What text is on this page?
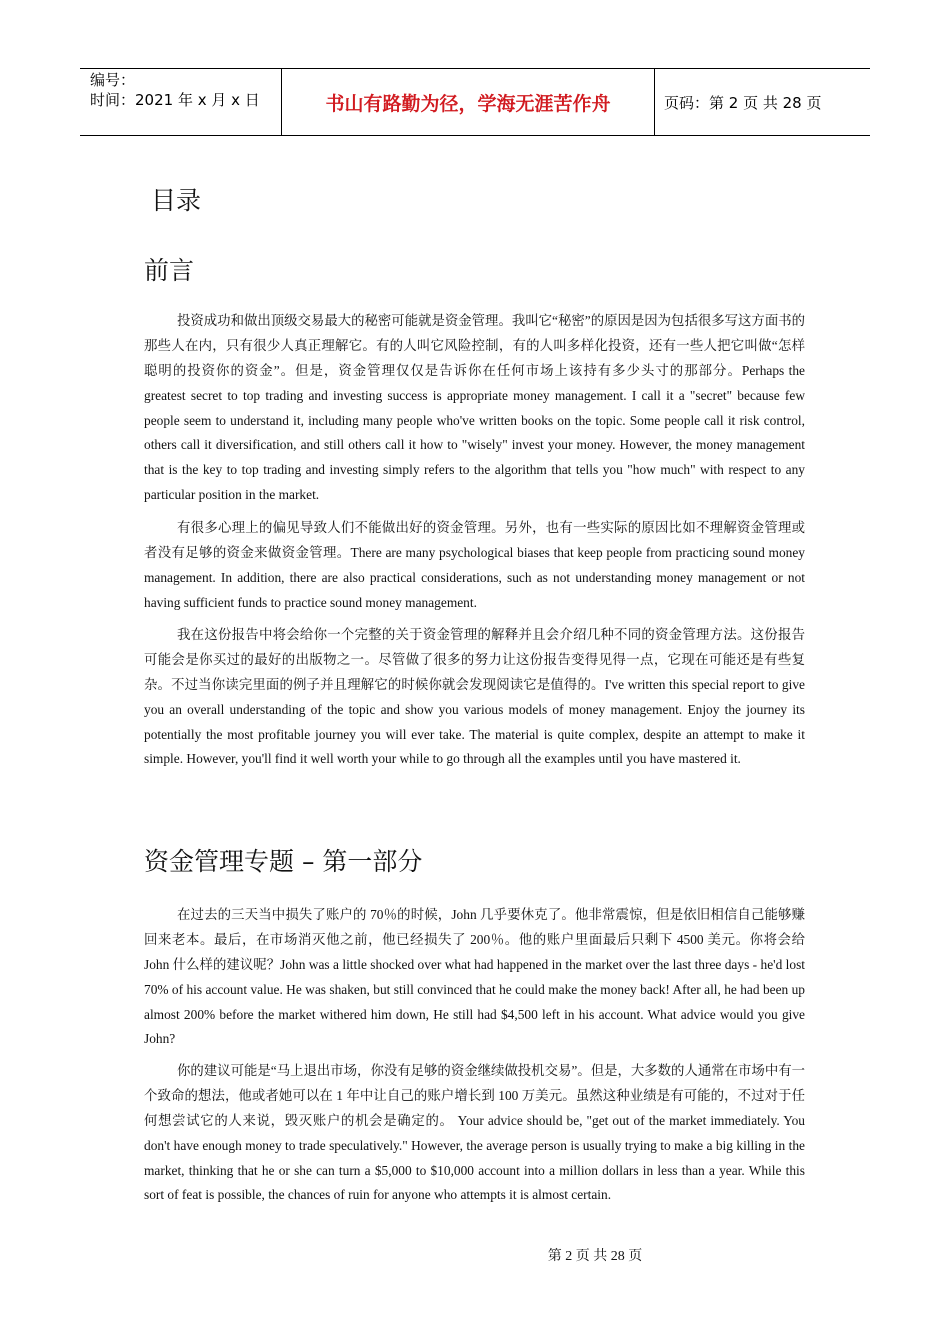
编号：
时间：2021 年 x 月 x 日	书山有路勤为径，学海无涯苦作舟	页码：第 2 页 共 28 页
目录
前言

投资成功和做出顶级交易最大的秘密可能就是资金管理。我叫它“秘密”的原因是因为包括很多写这方面书的那些人在内，只有很少人真正理解它。有的人叫它风险控制，有的人叫多样化投资，还有一些人把它叫做“怎样聪明的投资你的资金”。但是，资金管理仅仅是告诉你在任何市场上该持有多少头寸的那部分。Perhaps the greatest secret to top trading and investing success is appropriate money management. I call it a "secret" because few people seem to understand it, including many people who've written books on the topic. Some people call it risk control, others call it diversification, and still others call it how to "wisely" invest your money. However, the money management that is the key to top trading and investing simply refers to the algorithm that tells you "how much" with respect to any particular position in the market.

有很多心理上的偏见导致人们不能做出好的资金管理。另外，也有一些实际的原因比如不理解资金管理或者没有足够的资金来做资金管理。There are many psychological biases that keep people from practicing sound money management. In addition, there are also practical considerations, such as not understanding money management or not having sufficient funds to practice sound money management.

我在这份报告中将会给你一个完整的关于资金管理的解释并且会介绍几种不同的资金管理方法。这份报告可能会是你买过的最好的出版物之一。尽管做了很多的努力让这份报告变得见得一点，它现在可能还是有些复杂。不过当你读完里面的例子并且理解它的时候你就会发现阅读它是值得的。I've written this special report to give you an overall understanding of the topic and show you various models of money management. Enjoy the journey its potentially the most profitable journey you will ever take. The material is quite complex, despite an attempt to make it simple. However, you'll find it well worth your while to go through all the examples until you have mastered it.

资金管理专题 – 第一部分

在过去的三天当中损失了账户的 70％的时候，John 几乎要休克了。他非常震惊，但是依旧相信自己能够赚回来老本。最后，在市场消灭他之前，他已经损失了 200％。他的账户里面最后只剩下 4500 美元。你将会给 John 什么样的建议呢？John was a little shocked over what had happened in the market over the last three days - he'd lost 70% of his account value. He was shaken, but still convinced that he could make the money back! After all, he had been up almost 200% before the market withered him down, He still had $4,500 left in his account. What advice would you give John?

你的建议可能是“马上退出市场，你没有足够的资金继续做投机交易”。但是，大多数的人通常在市场中有一个致命的想法，他或者她可以在 1 年中让自己的账户增长到 100 万美元。虽然这种业绩是有可能的，不过对于任何想尝试它的人来说，毁灭账户的机会是确定的。 Your advice should be, "get out of the market immediately. You don't have enough money to trade speculatively." However, the average person is usually trying to make a big killing in the market, thinking that he or she can turn a $5,000 to $10,000 account into a million dollars in less than a year. While this sort of feat is possible, the chances of ruin for anyone who attempts it is almost certain.

第 2 页 共 28 页
